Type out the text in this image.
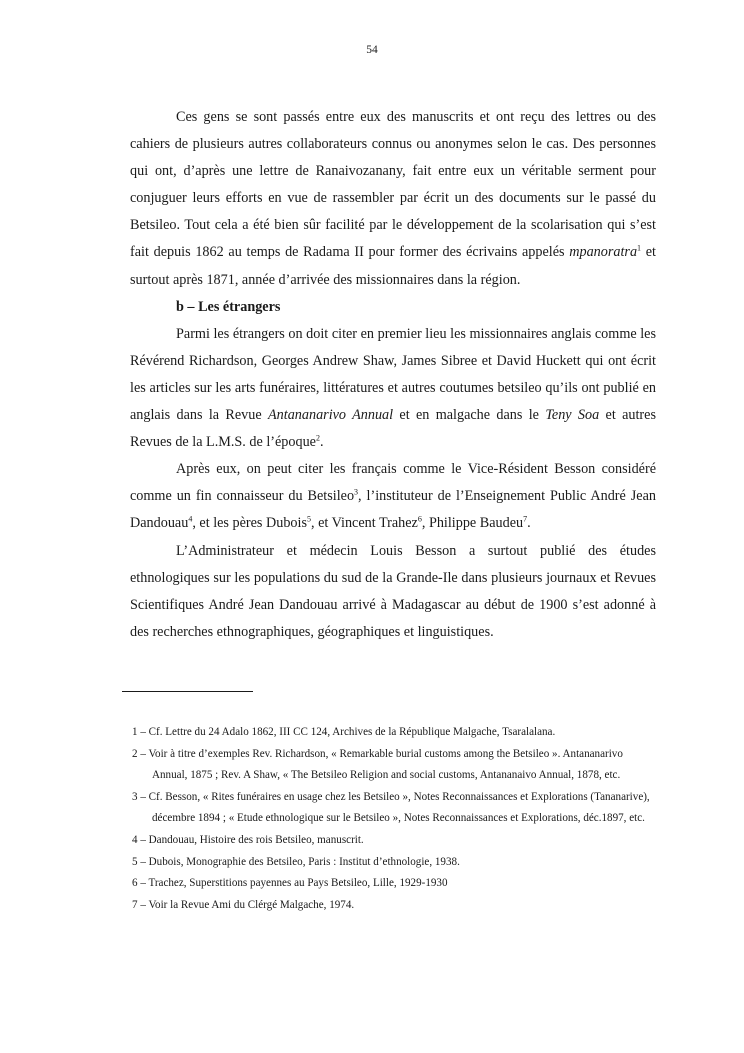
54

Ces gens se sont passés entre eux des manuscrits et ont reçu des lettres ou des cahiers de plusieurs autres collaborateurs connus ou anonymes selon le cas. Des personnes qui ont, d’après une lettre de Ranaivozanany, fait entre eux un véritable serment pour conjuguer leurs efforts en vue de rassembler par écrit un des documents sur le passé du Betsileo. Tout cela a été bien sûr facilité par le développement de la scolarisation qui s’est fait depuis 1862 au temps de Radama II pour former des écrivains appelés mpanoratra$^1$ et surtout après 1871, année d’arrivée des missionnaires dans la région.

b – Les étrangers

Parmi les étrangers on doit citer en premier lieu les missionnaires anglais comme les Révérend Richardson, Georges Andrew Shaw, James Sibree et David Huckett qui ont écrit les articles sur les arts funéraires, littératures et autres coutumes betsileo qu’ils ont publié en anglais dans la Revue Antananarivo Annual et en malgache dans le Teny Soa et autres Revues de la L.M.S. de l’époque$^2$.

Après eux, on peut citer les français comme le Vice-Résident Besson considéré comme un fin connaisseur du Betsileo$^3$, l’instituteur de l’Enseignement Public André Jean Dandouau$^4$, et les pères Dubois$^5$, et Vincent Trahez$^6$, Philippe Baudeu$^7$.

L’Administrateur et médecin Louis Besson a surtout publié des études ethnologiques sur les populations du sud de la Grande-Ile dans plusieurs journaux et Revues Scientifiques André Jean Dandouau arrivé à Madagascar au début de 1900 s’est adonné à des recherches ethnographiques, géographiques et linguistiques.

1 – Cf. Lettre du 24 Adalo 1862, III CC 124, Archives de la République Malgache, Tsaralalana.
2 – Voir à titre d’exemples Rev. Richardson, « Remarkable burial customs among the Betsileo ». Antananarivo Annual, 1875 ; Rev. A Shaw, « The Betsileo Religion and social customs, Antananaivo Annual, 1878, etc.
3 – Cf. Besson, « Rites funéraires en usage chez les Betsileo », Notes Reconnaissances et Explorations (Tananarive), décembre 1894 ; « Etude ethnologique sur le Betsileo », Notes Reconnaissances et Explorations, déc.1897, etc.
4 – Dandouau, Histoire des rois Betsileo, manuscrit.
5 – Dubois, Monographie des Betsileo, Paris : Institut d’ethnologie, 1938.
6 – Trachez, Superstitions payennes au Pays Betsileo, Lille, 1929-1930
7 – Voir la Revue Ami du Clérgé Malgache, 1974.
